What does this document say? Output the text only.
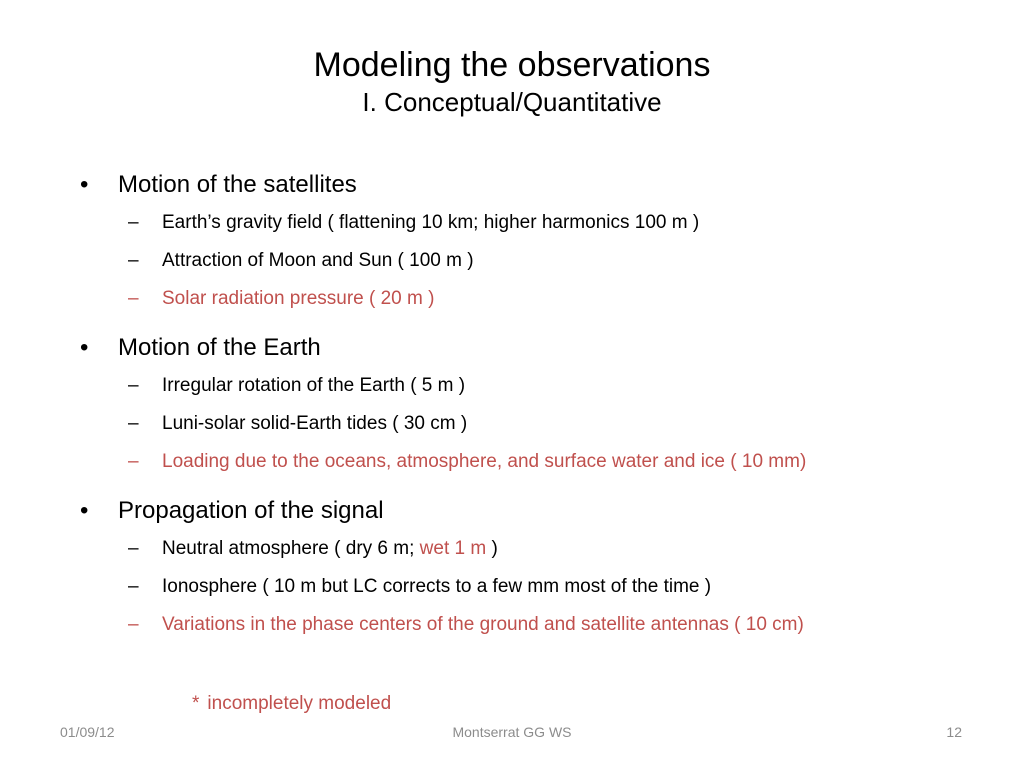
Modeling the observations
I. Conceptual/Quantitative
• Motion of the satellites
– Earth’s gravity field ( flattening 10 km; higher harmonics 100 m )
– Attraction of Moon and Sun ( 100 m )
– Solar radiation pressure ( 20 m )
• Motion of the Earth
– Irregular rotation of the Earth ( 5 m )
– Luni-solar solid-Earth tides ( 30 cm )
– Loading due to the oceans, atmosphere, and surface water and ice ( 10 mm)
• Propagation of the signal
– Neutral atmosphere ( dry 6 m; wet 1 m )
– Ionosphere ( 10 m but LC corrects to a few mm most of the time )
– Variations in the phase centers of the ground and satellite antennas ( 10 cm)
* incompletely modeled
01/09/12	Montserrat GG WS	12
